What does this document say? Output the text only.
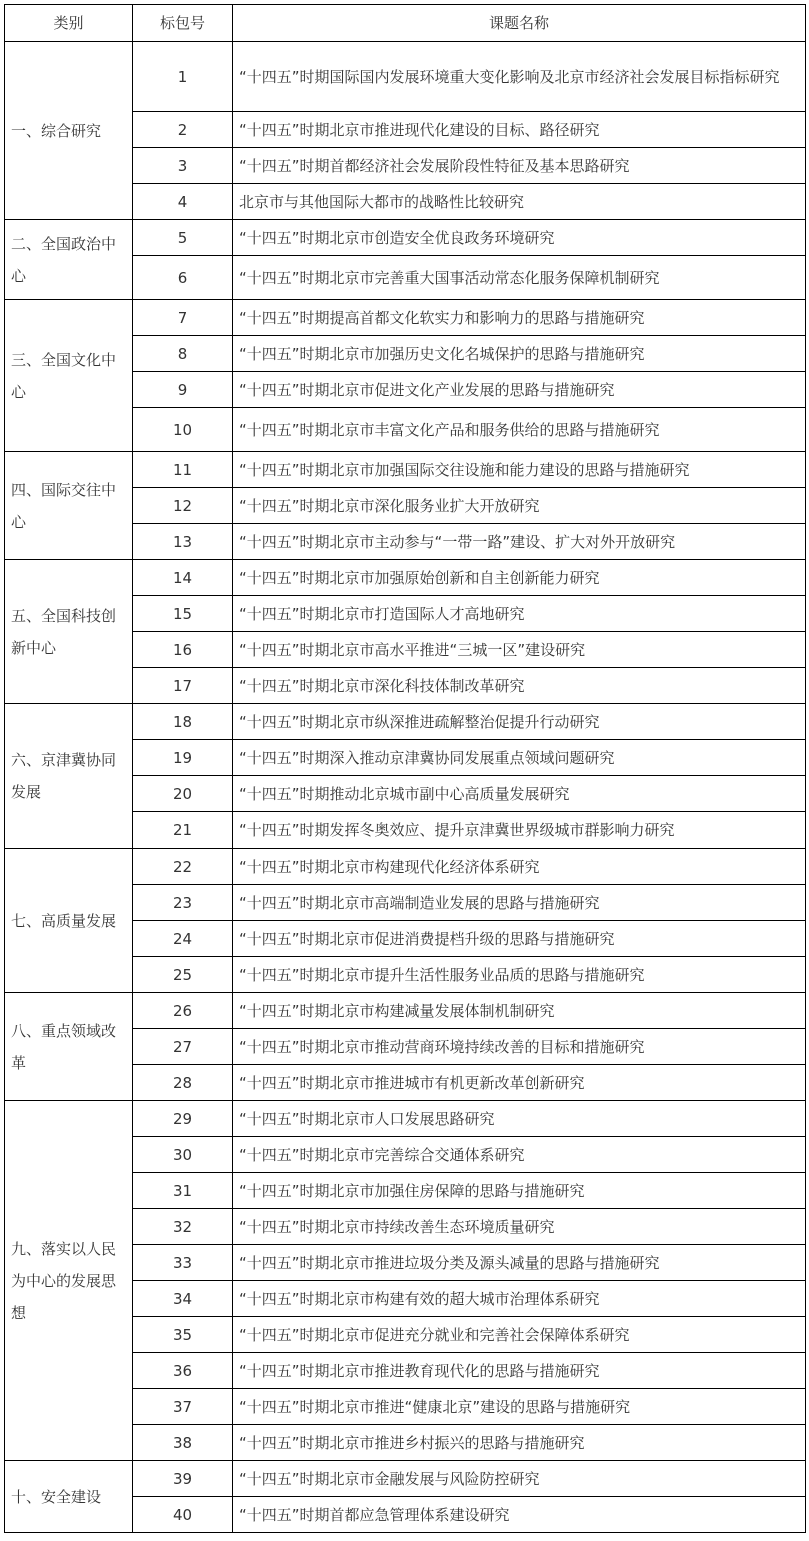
类别	标包号	课题名称

一、综合研究	1	“十四五”时期国际国内发展环境重大变化影响及北京市经济社会发展目标指标研究
	2	“十四五”时期北京市推进现代化建设的目标、路径研究
	3	“十四五”时期首都经济社会发展阶段性特征及基本思路研究
	4	北京市与其他国际大都市的战略性比较研究

二、全国政治中心	5	“十四五”时期北京市创造安全优良政务环境研究
	6	“十四五”时期北京市完善重大国事活动常态化服务保障机制研究

三、全国文化中心	7	“十四五”时期提高首都文化软实力和影响力的思路与措施研究
	8	“十四五”时期北京市加强历史文化名城保护的思路与措施研究
	9	“十四五”时期北京市促进文化产业发展的思路与措施研究
	10	“十四五”时期北京市丰富文化产品和服务供给的思路与措施研究

四、国际交往中心	11	“十四五”时期北京市加强国际交往设施和能力建设的思路与措施研究
	12	“十四五”时期北京市深化服务业扩大开放研究
	13	“十四五”时期北京市主动参与“一带一路”建设、扩大对外开放研究

五、全国科技创新中心	14	“十四五”时期北京市加强原始创新和自主创新能力研究
	15	“十四五”时期北京市打造国际人才高地研究
	16	“十四五”时期北京市高水平推进“三城一区”建设研究
	17	“十四五”时期北京市深化科技体制改革研究

六、京津冀协同发展	18	“十四五”时期北京市纵深推进疏解整治促提升行动研究
	19	“十四五”时期深入推动京津冀协同发展重点领域问题研究
	20	“十四五”时期推动北京城市副中心高质量发展研究
	21	“十四五”时期发挥冬奥效应、提升京津冀世界级城市群影响力研究

七、高质量发展	22	“十四五”时期北京市构建现代化经济体系研究
	23	“十四五”时期北京市高端制造业发展的思路与措施研究
	24	“十四五”时期北京市促进消费提档升级的思路与措施研究
	25	“十四五”时期北京市提升生活性服务业品质的思路与措施研究

八、重点领域改革	26	“十四五”时期北京市构建减量发展体制机制研究
	27	“十四五”时期北京市推动营商环境持续改善的目标和措施研究
	28	“十四五”时期北京市推进城市有机更新改革创新研究

九、落实以人民为中心的发展思想	29	“十四五”时期北京市人口发展思路研究
	30	“十四五”时期北京市完善综合交通体系研究
	31	“十四五”时期北京市加强住房保障的思路与措施研究
	32	“十四五”时期北京市持续改善生态环境质量研究
	33	“十四五”时期北京市推进垃圾分类及源头减量的思路与措施研究
	34	“十四五”时期北京市构建有效的超大城市治理体系研究
	35	“十四五”时期北京市促进充分就业和完善社会保障体系研究
	36	“十四五”时期北京市推进教育现代化的思路与措施研究
	37	“十四五”时期北京市推进“健康北京”建设的思路与措施研究
	38	“十四五”时期北京市推进乡村振兴的思路与措施研究

十、安全建设	39	“十四五”时期北京市金融发展与风险防控研究
	40	“十四五”时期首都应急管理体系建设研究
